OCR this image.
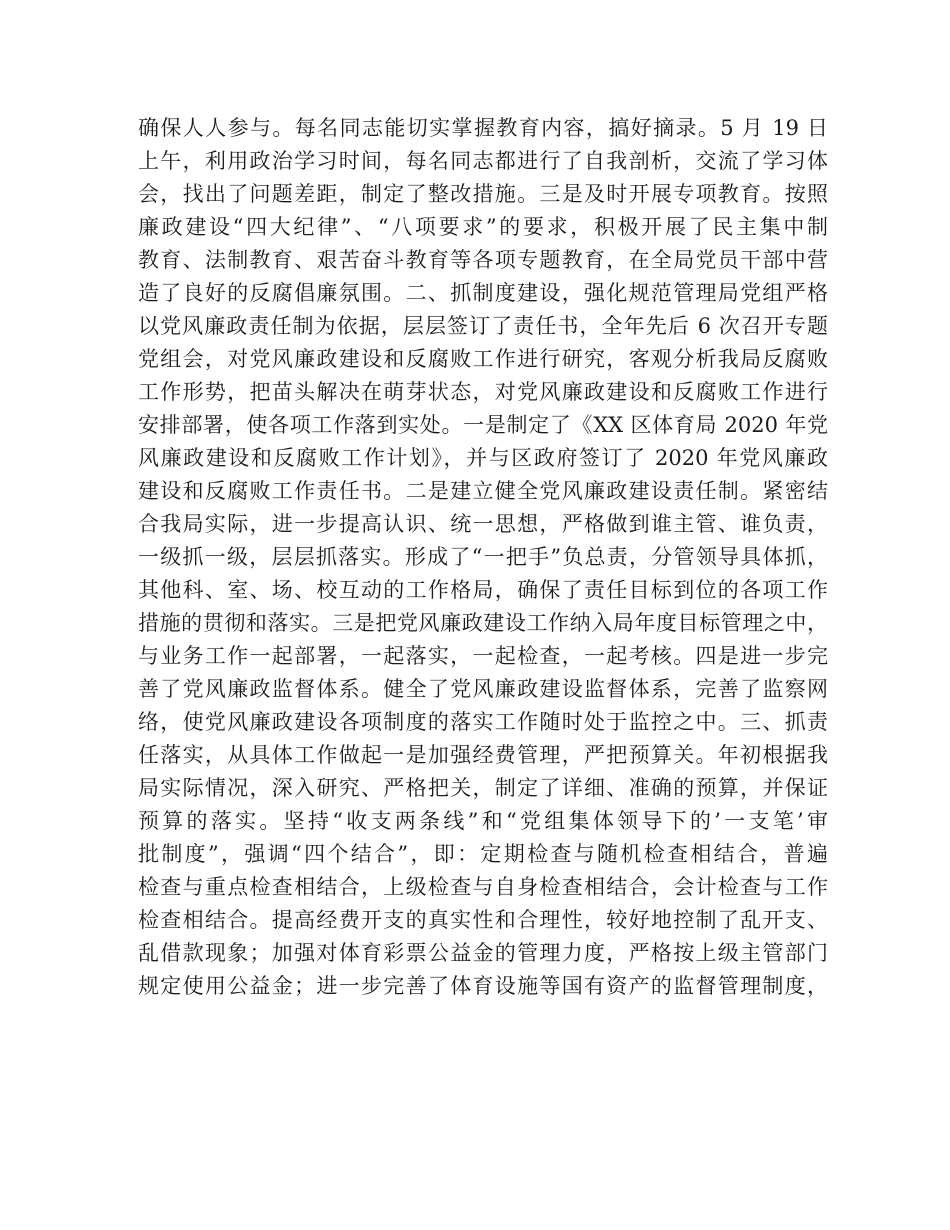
确保人人参与。每名同志能切实掌握教育内容，搞好摘录。5 月 19 日
上午，利用政治学习时间，每名同志都进行了自我剖析，交流了学习体
会，找出了问题差距，制定了整改措施。三是及时开展专项教育。按照
廉政建设“四大纪律”、“八项要求”的要求，积极开展了民主集中制
教育、法制教育、艰苦奋斗教育等各项专题教育，在全局党员干部中营
造了良好的反腐倡廉氛围。二、抓制度建设，强化规范管理局党组严格
以党风廉政责任制为依据，层层签订了责任书，全年先后 6 次召开专题
党组会，对党风廉政建设和反腐败工作进行研究，客观分析我局反腐败
工作形势，把苗头解决在萌芽状态，对党风廉政建设和反腐败工作进行
安排部署，使各项工作落到实处。一是制定了《XX 区体育局 2020 年党
风廉政建设和反腐败工作计划》，并与区政府签订了 2020 年党风廉政
建设和反腐败工作责任书。二是建立健全党风廉政建设责任制。紧密结
合我局实际，进一步提高认识、统一思想，严格做到谁主管、谁负责，
一级抓一级，层层抓落实。形成了“一把手”负总责，分管领导具体抓，
其他科、室、场、校互动的工作格局，确保了责任目标到位的各项工作
措施的贯彻和落实。三是把党风廉政建设工作纳入局年度目标管理之中，
与业务工作一起部署，一起落实，一起检查，一起考核。四是进一步完
善了党风廉政监督体系。健全了党风廉政建设监督体系，完善了监察网
络，使党风廉政建设各项制度的落实工作随时处于监控之中。三、抓责
任落实，从具体工作做起一是加强经费管理，严把预算关。年初根据我
局实际情况，深入研究、严格把关，制定了详细、准确的预算，并保证
预算的落实。坚持“收支两条线”和“党组集体领导下的’一支笔’审
批制度”，强调“四个结合”，即：定期检查与随机检查相结合，普遍
检查与重点检查相结合，上级检查与自身检查相结合，会计检查与工作
检查相结合。提高经费开支的真实性和合理性，较好地控制了乱开支、
乱借款现象；加强对体育彩票公益金的管理力度，严格按上级主管部门
规定使用公益金；进一步完善了体育设施等国有资产的监督管理制度，
